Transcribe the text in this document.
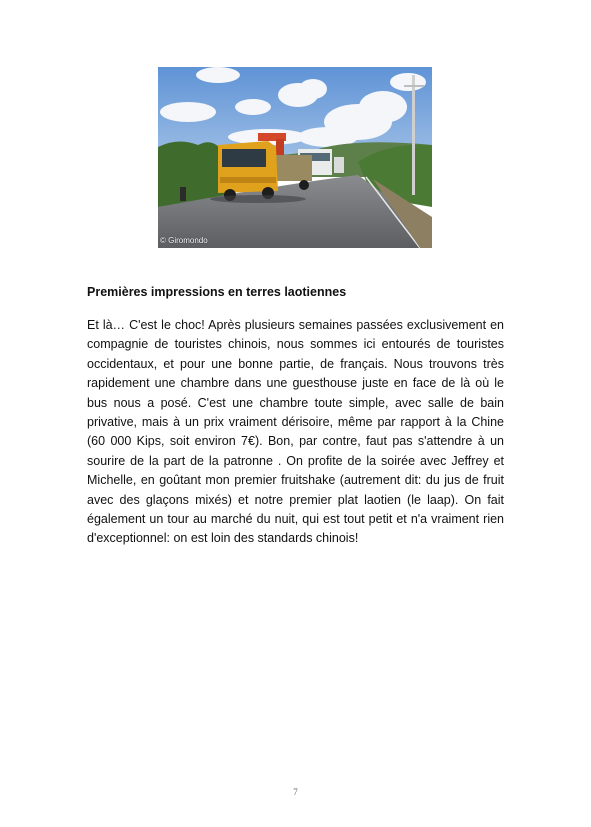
© Giromondo
Premières impressions en terres laotiennes

Et là… C'est le choc! Après plusieurs semaines passées exclusivement en compagnie de touristes chinois, nous sommes ici entourés de touristes occidentaux, et pour une bonne partie, de français. Nous trouvons très rapidement une chambre dans une guesthouse juste en face de là où le bus nous a posé. C'est une chambre toute simple, avec salle de bain privative, mais à un prix vraiment dérisoire, même par rapport à la Chine (60 000 Kips, soit environ 7€). Bon, par contre, faut pas s'attendre à un sourire de la part de la patronne . On profite de la soirée avec Jeffrey et Michelle, en goûtant mon premier fruitshake (autrement dit: du jus de fruit avec des glaçons mixés) et notre premier plat laotien (le laap). On fait également un tour au marché du nuit, qui est tout petit et n'a vraiment rien d'exceptionnel: on est loin des standards chinois!

7
